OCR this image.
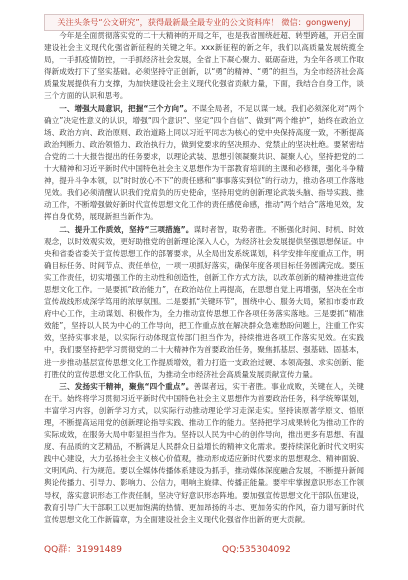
关注头条号“公文研究”，获得最新最全最专业的公文资料库！ 微信：gongwenyj

今年是全面贯彻落实党的二十大精神的开局之年，也是我省围绕赶超、转型跨越，开启全面建设社会主义现代化强省新征程的关键之年。xxx新征程的新之年，我们以高质量发展统揽全局，一手抓疫情防控，一手抓经济社会发展，全省上下凝心聚力、砥砺奋进，为全年各项工作取得新成效打下了坚实基础。必须坚持守正创新，以“勇”的精神、“勇”的担当，为全市经济社会高质量发展提供有力支撑，为加快建设社会主义现代化强省贡献力量，下面，我结合自身工作，谈三个方面的认识和思考。

一、增强大局意识，把握“三个方向”。不谋全局者，不足以谋一域。我们必须深化对“两个确立”决定性意义的认识，增强“四个意识”、坚定“四个自信”、做到“两个维护”，始终在政治立场、政治方向、政治原则、政治道路上同以习近平同志为核心的党中央保持高度一致，不断提高政治判断力、政治领悟力、政治执行力，做到党要求的坚决照办、党禁止的坚决杜绝。要紧密结合党的二十大报告提出的任务要求，以理论武装、思想引领凝聚共识、凝聚人心，坚持把党的二十大精神和习近平新时代中国特色社会主义思想作为干部教育培训的主课和必修课，强化斗争精神，提升斗争本领，以“时时放心不下”的责任感和“事事落实到位”的行动力，推动各项工作落地见效。我们必须清醒认识我们党肩负的历史使命，坚持用党的创新理论武装头脑、指导实践、推动工作，不断增强做好新时代宣传思想文化工作的责任感使命感，推动“两个结合”落地见效，发挥自身优势，展现新担当新作为。

二、提升工作质效，坚持“三项措施”。谋时者智，取势者胜。不断强化时间、时机、时效观念，以时效观实效，更好助推党的创新理论深入人心，为经济社会发展提供坚强思想保证。中央和省委省委关于宣传思想工作的部署要求，从全局出发系统谋划，科学安排年度重点工作，明确目标任务、时间节点、责任单位，一项一项抓好落实，确保年度各项目标任务圆满完成。要压实工作责任，切实增强工作的主动性和创造性，创新工作方式方法，以改革创新的精神推进宣传思想文化工作。一是要抓“政治能力”，在政治站位上再提高，在思想自觉上再增强，坚决在全市宣传战线形成深学笃用的浓厚氛围。二是要抓“关键环节”，围绕中心、服务大局，紧扣市委市政府中心工作，主动谋划、积极作为，全力推动宣传思想工作各项任务落实落地。三是要抓“精准效能”，坚持以人民为中心的工作导向，把工作重点放在解决群众急难愁盼问题上，注重工作实效，坚持实事求是，以实际行动体现宣传部门担当作为，持续推进各项工作落实见效。在实践中，我们要坚持把学习贯彻党的二十大精神作为首要政治任务，聚焦抓基层、强基础、固基本，进一步推动基层宣传思想文化工作提质增效，着力打造一支政治过硬、本领高强、求实创新、能打胜仗的宣传思想文化工作队伍，为推动全市经济社会高质量发展贡献宣传力量。

三、发扬实干精神，聚焦“四个重点”。善谋者远，实干者胜。事业成败，关键在人，关键在干。始终将学习贯彻习近平新时代中国特色社会主义思想作为首要政治任务，科学统筹谋划，丰富学习内容，创新学习方式，以实际行动推动理论学习走深走实。坚持读原著学原文、悟原理，不断提高运用党的创新理论指导实践、推动工作的能力。坚持把学习成果转化为推动工作的实际成效，在服务大局中彰显担当作为。坚持以人民为中心的创作导向，推出更多有思想、有温度、有品质的文艺精品，不断满足人民群众日益增长的精神文化需求。要持续深化新时代文明实践中心建设，大力弘扬社会主义核心价值观，推动形成适应新时代要求的思想观念、精神面貌、文明风尚、行为规范。要以全媒体传播体系建设为抓手，推动媒体深度融合发展，不断提升新闻舆论传播力、引导力、影响力、公信力，唱响主旋律、传播正能量。要牢牢掌握意识形态工作领导权，落实意识形态工作责任制，坚决守好意识形态阵地。要加强宣传思想文化干部队伍建设，教育引导广大干部职工以更加饱满的热情、更加昂扬的斗志、更加务实的作风，奋力谱写新时代宣传思想文化工作新篇章，为全面建设社会主义现代化强省作出新的更大贡献。

QQ群：31991489	QQ:535304092
